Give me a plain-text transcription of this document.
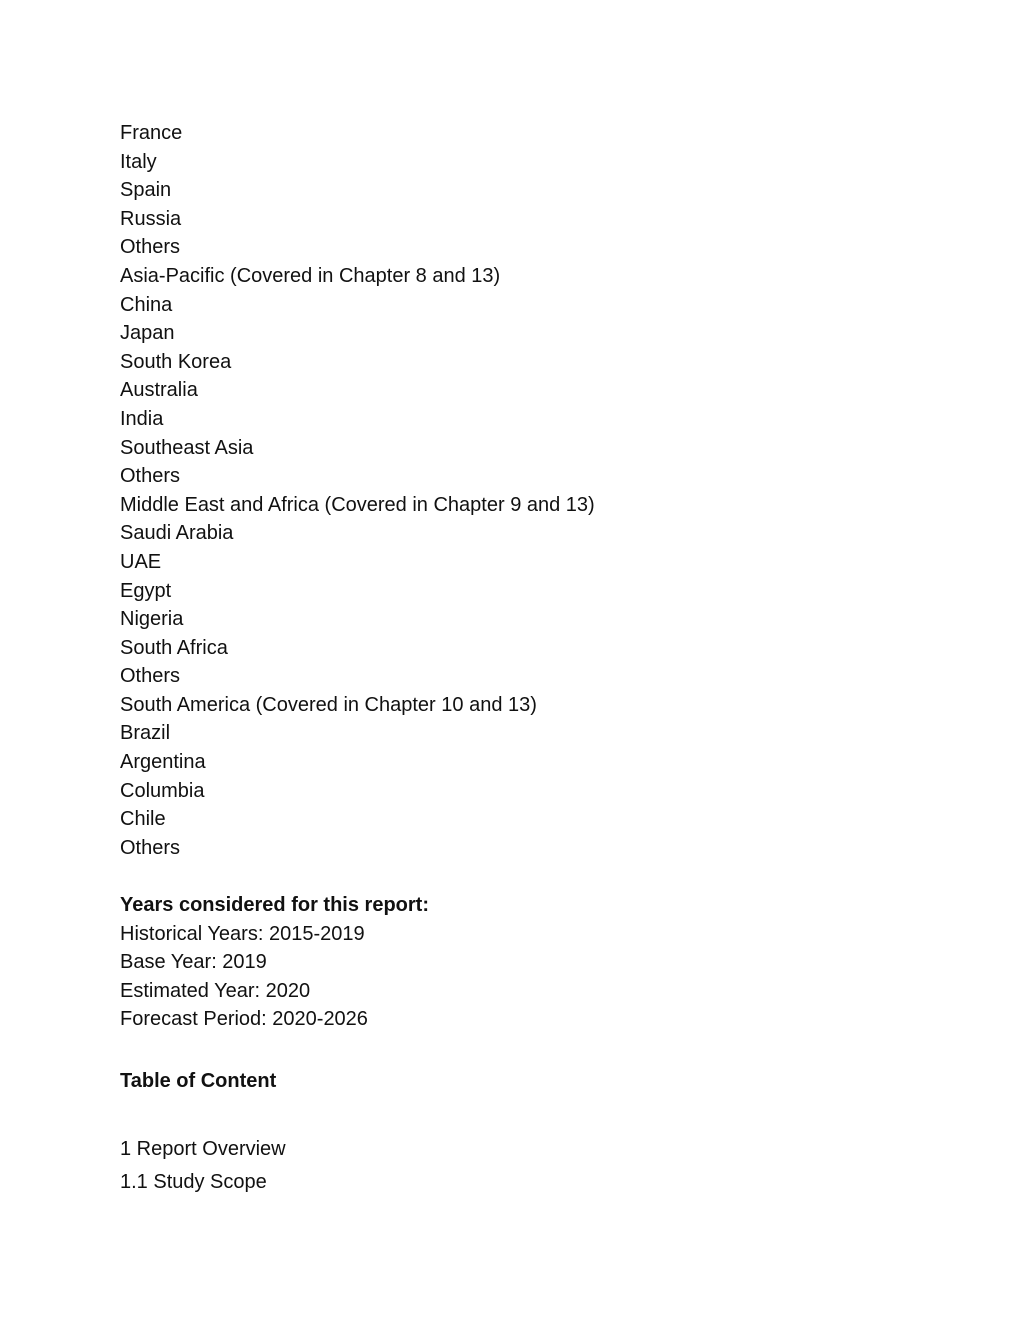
France
Italy
Spain
Russia
Others
Asia-Pacific (Covered in Chapter 8 and 13)
China
Japan
South Korea
Australia
India
Southeast Asia
Others
Middle East and Africa (Covered in Chapter 9 and 13)
Saudi Arabia
UAE
Egypt
Nigeria
South Africa
Others
South America (Covered in Chapter 10 and 13)
Brazil
Argentina
Columbia
Chile
Others
Years considered for this report:
Historical Years: 2015-2019
Base Year: 2019
Estimated Year: 2020
Forecast Period: 2020-2026
Table of Content
1 Report Overview
1.1 Study Scope
